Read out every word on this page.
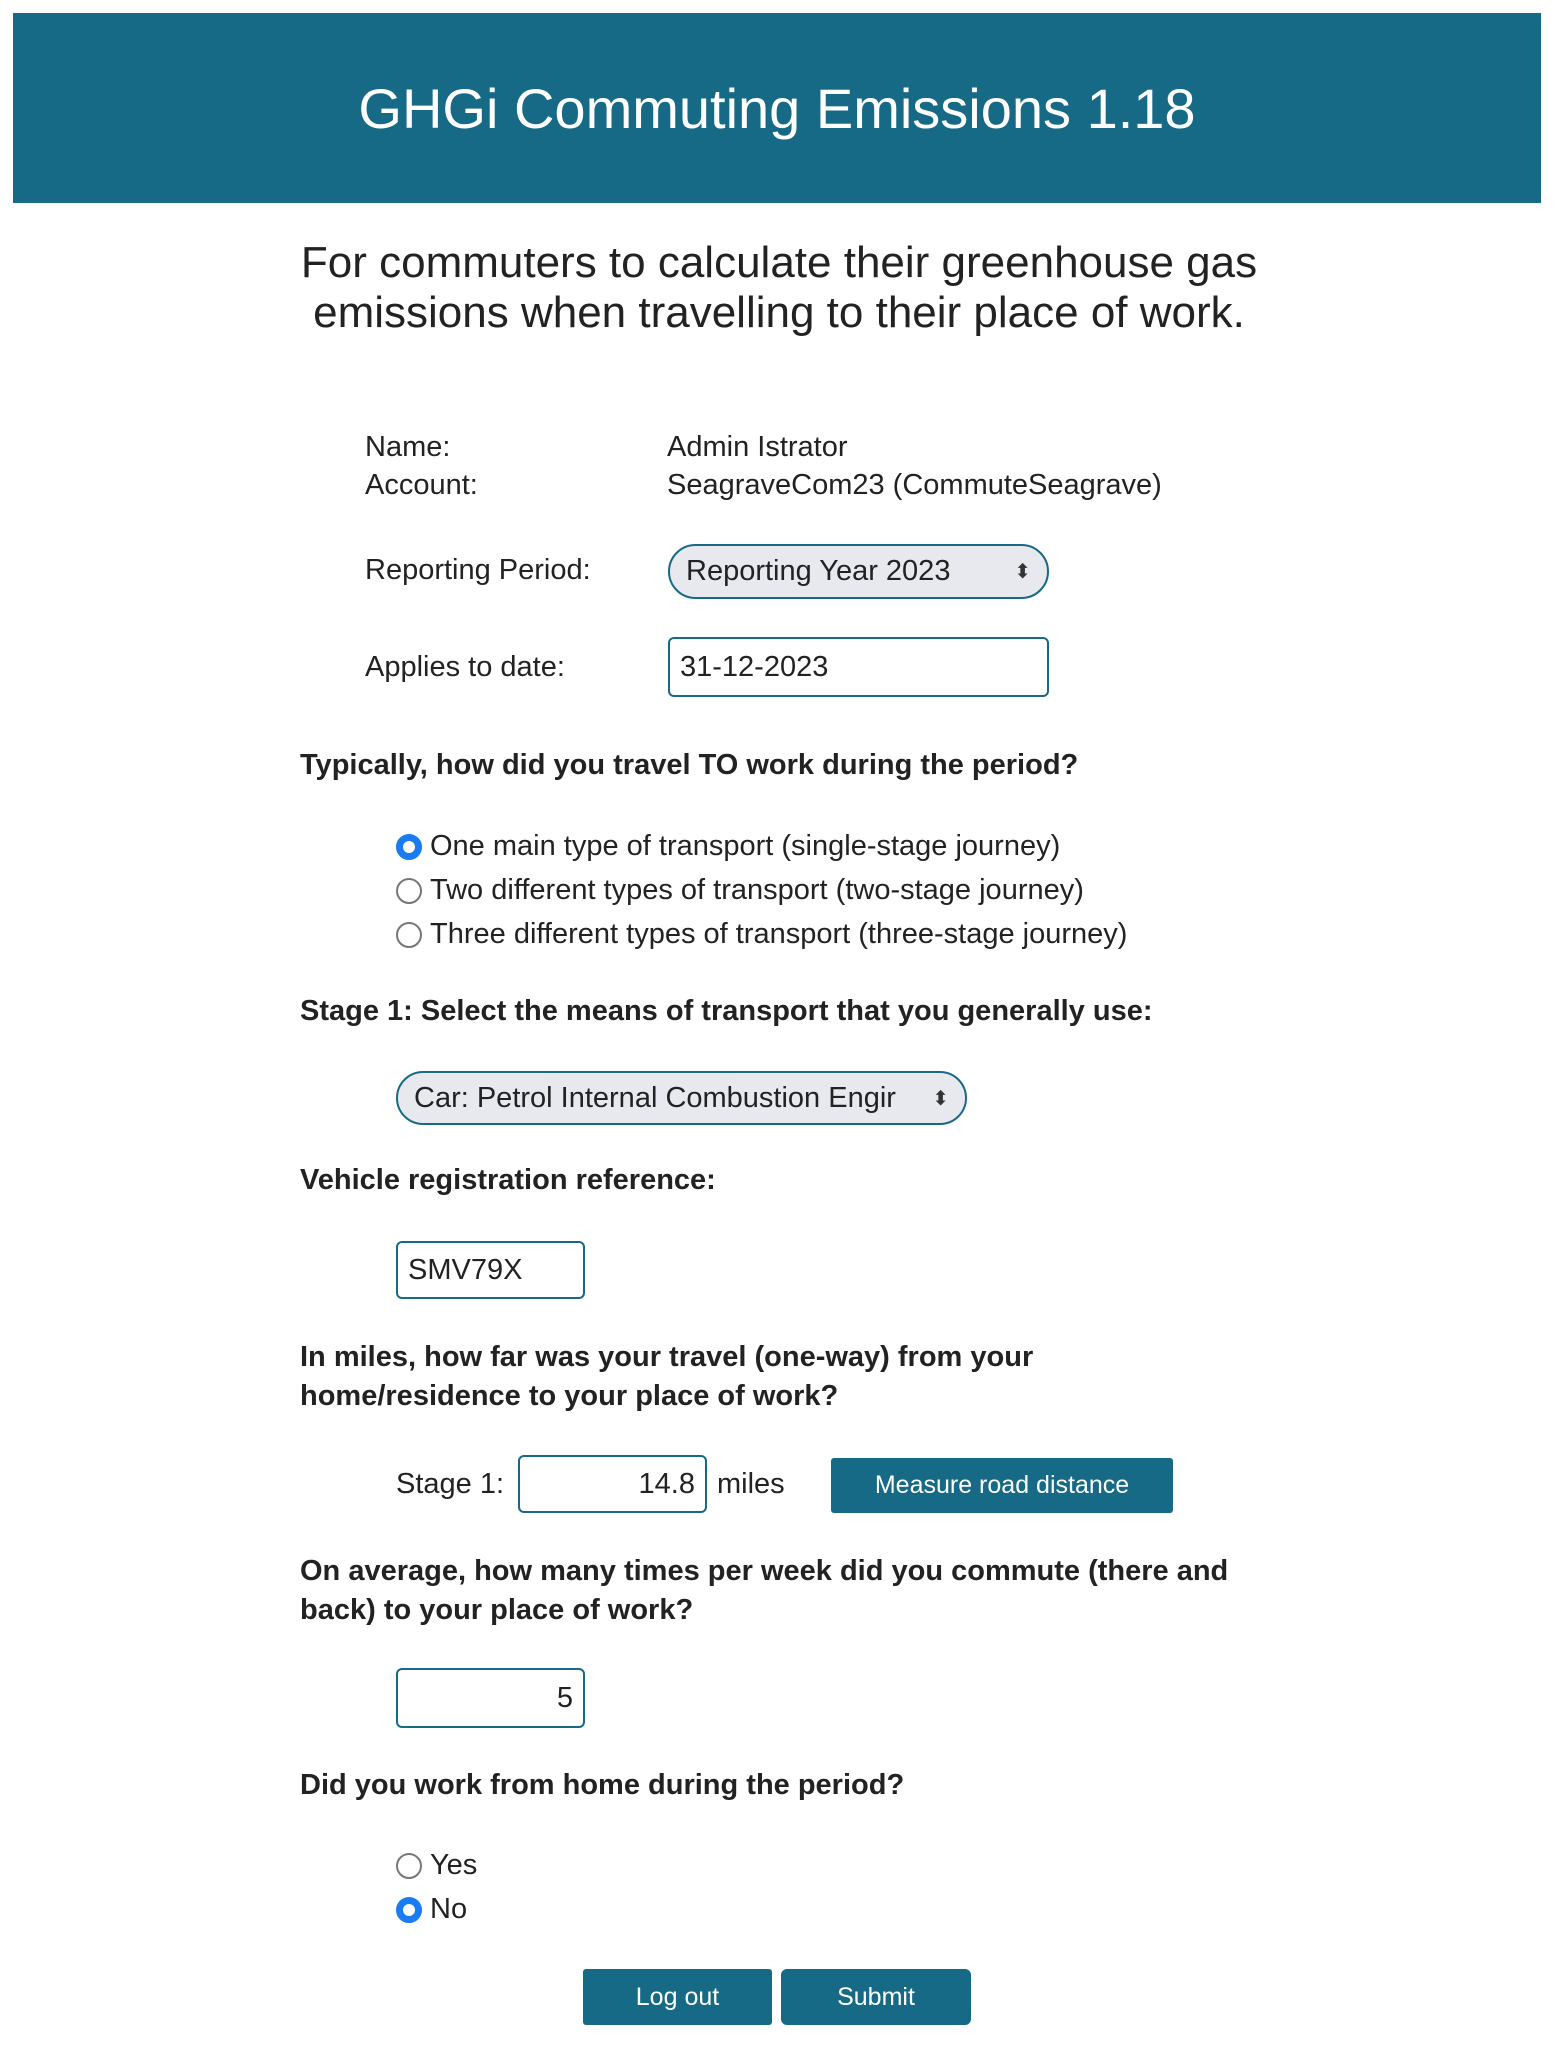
GHGi Commuting Emissions 1.18

For commuters to calculate their greenhouse gas emissions when travelling to their place of work.

Name:	Admin Istrator
Account:	SeagraveCom23 (CommuteSeagrave)
Reporting Period:	Reporting Year 2023	⬍
Applies to date:	31-12-2023
Typically, how did you travel TO work during the period?
One main type of transport (single-stage journey)
Two different types of transport (two-stage journey)
Three different types of transport (three-stage journey)
Stage 1: Select the means of transport that you generally use:
Car: Petrol Internal Combustion Engir ⬍
Vehicle registration reference:
SMV79X
In miles, how far was your travel (one-way) from your home/residence to your place of work?
Stage 1:	14.8 miles	Measure road distance
On average, how many times per week did you commute (there and back) to your place of work?
5
Did you work from home during the period?
Yes
No
Log out	Submit
